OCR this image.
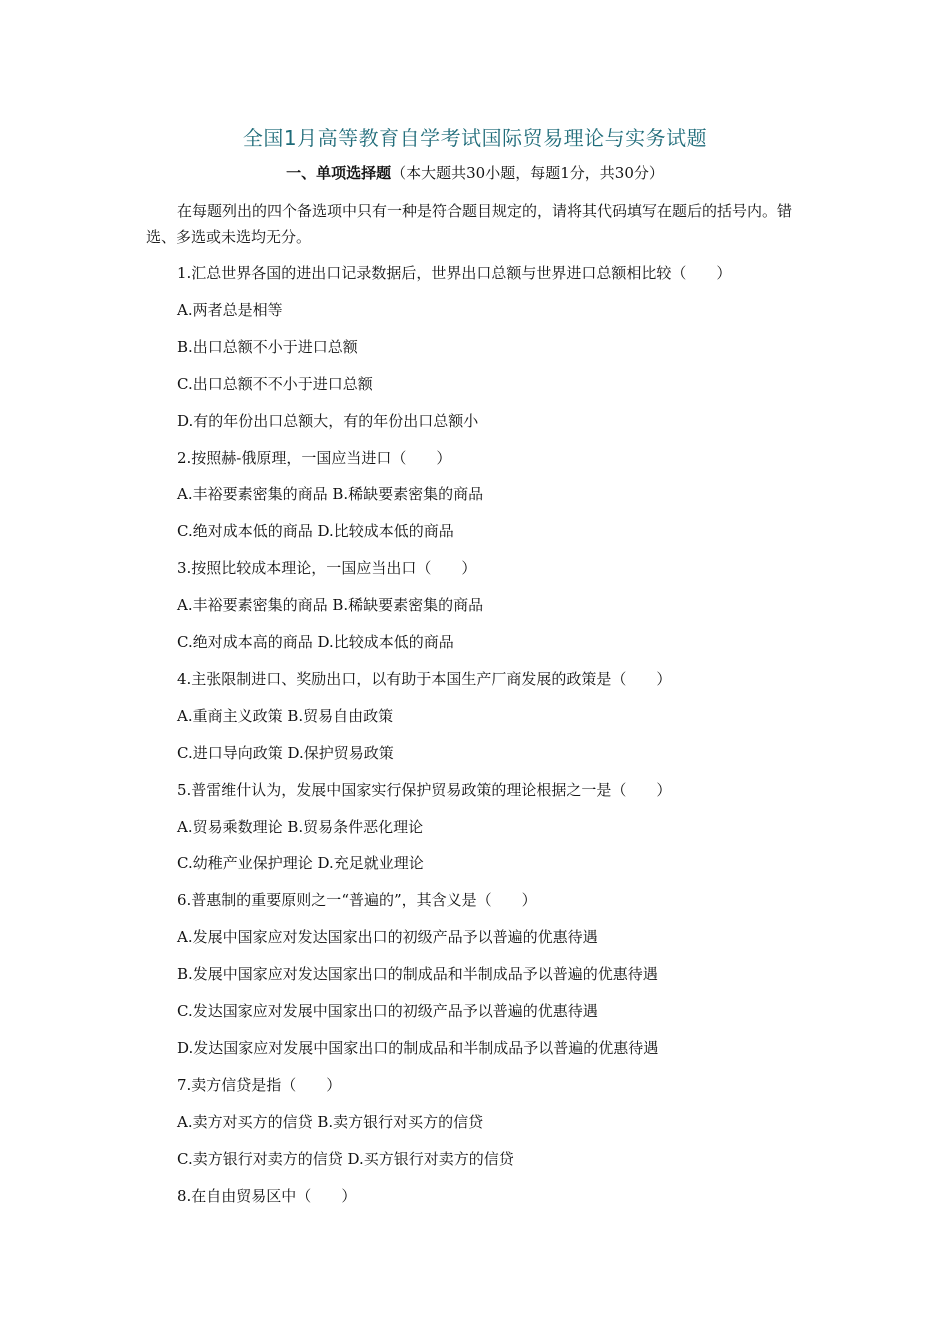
全国1月高等教育自学考试国际贸易理论与实务试题
一、单项选择题（本大题共30小题，每题1分，共30分）
在每题列出的四个备选项中只有一种是符合题目规定的，请将其代码填写在题后的括号内。错选、多选或未选均无分。
1.汇总世界各国的进出口记录数据后，世界出口总额与世界进口总额相比较（　　）
A.两者总是相等
B.出口总额不小于进口总额
C.出口总额不不小于进口总额
D.有的年份出口总额大，有的年份出口总额小
2.按照赫-俄原理，一国应当进口（　　）
A.丰裕要素密集的商品 B.稀缺要素密集的商品
C.绝对成本低的商品 D.比较成本低的商品
3.按照比较成本理论，一国应当出口（　　）
A.丰裕要素密集的商品 B.稀缺要素密集的商品
C.绝对成本高的商品 D.比较成本低的商品
4.主张限制进口、奖励出口，以有助于本国生产厂商发展的政策是（　　）
A.重商主义政策 B.贸易自由政策
C.进口导向政策 D.保护贸易政策
5.普雷维什认为，发展中国家实行保护贸易政策的理论根据之一是（　　）
A.贸易乘数理论 B.贸易条件恶化理论
C.幼稚产业保护理论 D.充足就业理论
6.普惠制的重要原则之一“普遍的”，其含义是（　　）
A.发展中国家应对发达国家出口的初级产品予以普遍的优惠待遇
B.发展中国家应对发达国家出口的制成品和半制成品予以普遍的优惠待遇
C.发达国家应对发展中国家出口的初级产品予以普遍的优惠待遇
D.发达国家应对发展中国家出口的制成品和半制成品予以普遍的优惠待遇
7.卖方信贷是指（　　）
A.卖方对买方的信贷 B.卖方银行对买方的信贷
C.卖方银行对卖方的信贷 D.买方银行对卖方的信贷
8.在自由贸易区中（　　）
